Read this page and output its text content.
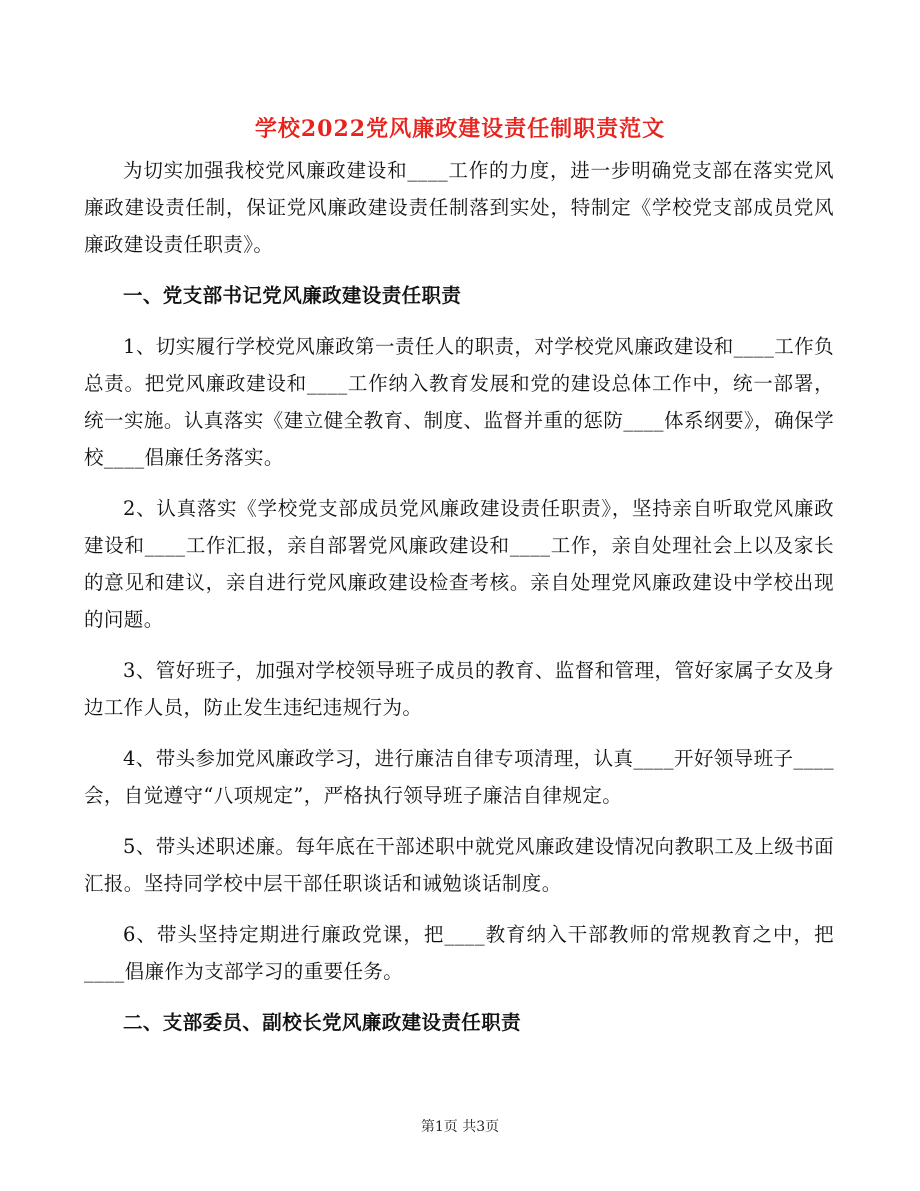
学校2022党风廉政建设责任制职责范文

为切实加强我校党风廉政建设和____工作的力度，进一步明确党支部在落实党风廉政建设责任制，保证党风廉政建设责任制落到实处，特制定《学校党支部成员党风廉政建设责任职责》。

一、党支部书记党风廉政建设责任职责

1、切实履行学校党风廉政第一责任人的职责，对学校党风廉政建设和____工作负总责。把党风廉政建设和____工作纳入教育发展和党的建设总体工作中，统一部署，统一实施。认真落实《建立健全教育、制度、监督并重的惩防____体系纲要》，确保学校____倡廉任务落实。

2、认真落实《学校党支部成员党风廉政建设责任职责》，坚持亲自听取党风廉政建设和____工作汇报，亲自部署党风廉政建设和____工作，亲自处理社会上以及家长的意见和建议，亲自进行党风廉政建设检查考核。亲自处理党风廉政建设中学校出现的问题。

3、管好班子，加强对学校领导班子成员的教育、监督和管理，管好家属子女及身边工作人员，防止发生违纪违规行为。

4、带头参加党风廉政学习，进行廉洁自律专项清理，认真____开好领导班子____会，自觉遵守“八项规定”，严格执行领导班子廉洁自律规定。

5、带头述职述廉。每年底在干部述职中就党风廉政建设情况向教职工及上级书面汇报。坚持同学校中层干部任职谈话和诫勉谈话制度。

6、带头坚持定期进行廉政党课，把____教育纳入干部教师的常规教育之中，把____倡廉作为支部学习的重要任务。

二、支部委员、副校长党风廉政建设责任职责

第1页 共3页
